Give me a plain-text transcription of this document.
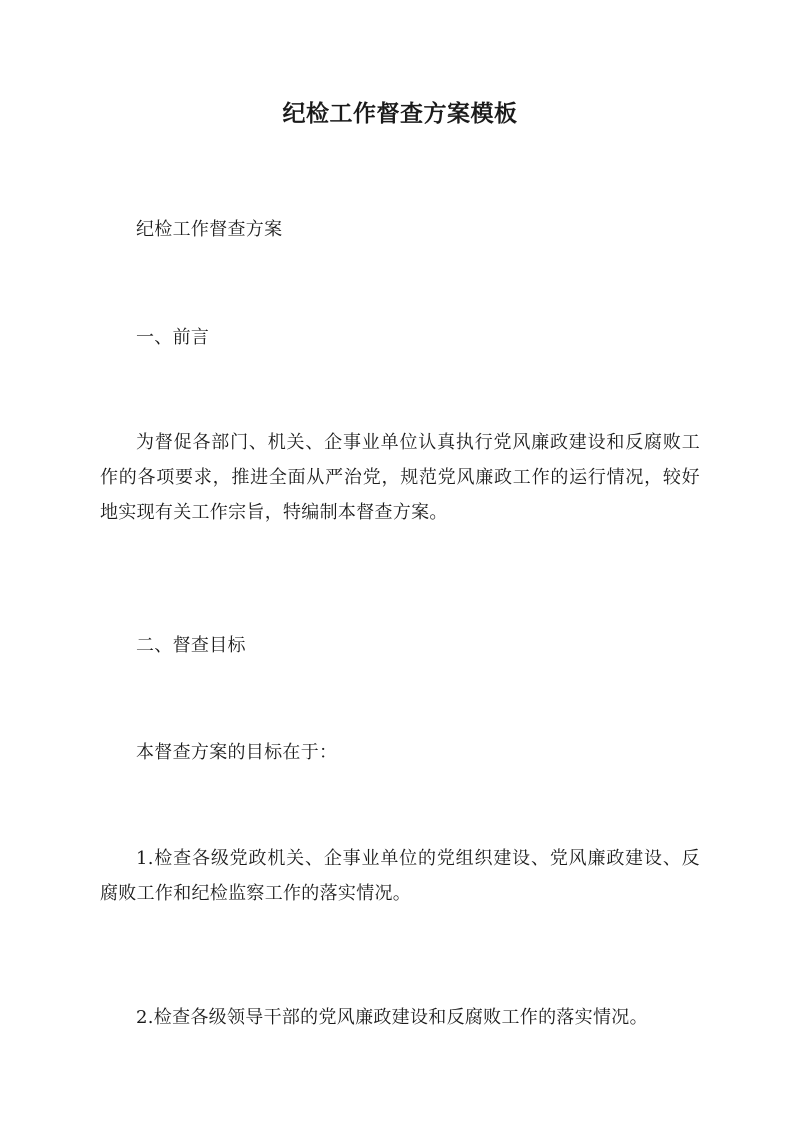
纪检工作督查方案模板

纪检工作督查方案

一、前言

为督促各部门、机关、企事业单位认真执行党风廉政建设和反腐败工作的各项要求，推进全面从严治党，规范党风廉政工作的运行情况，较好地实现有关工作宗旨，特编制本督查方案。

二、督查目标

本督查方案的目标在于：

1.检查各级党政机关、企事业单位的党组织建设、党风廉政建设、反腐败工作和纪检监察工作的落实情况。

2.检查各级领导干部的党风廉政建设和反腐败工作的落实情况。
